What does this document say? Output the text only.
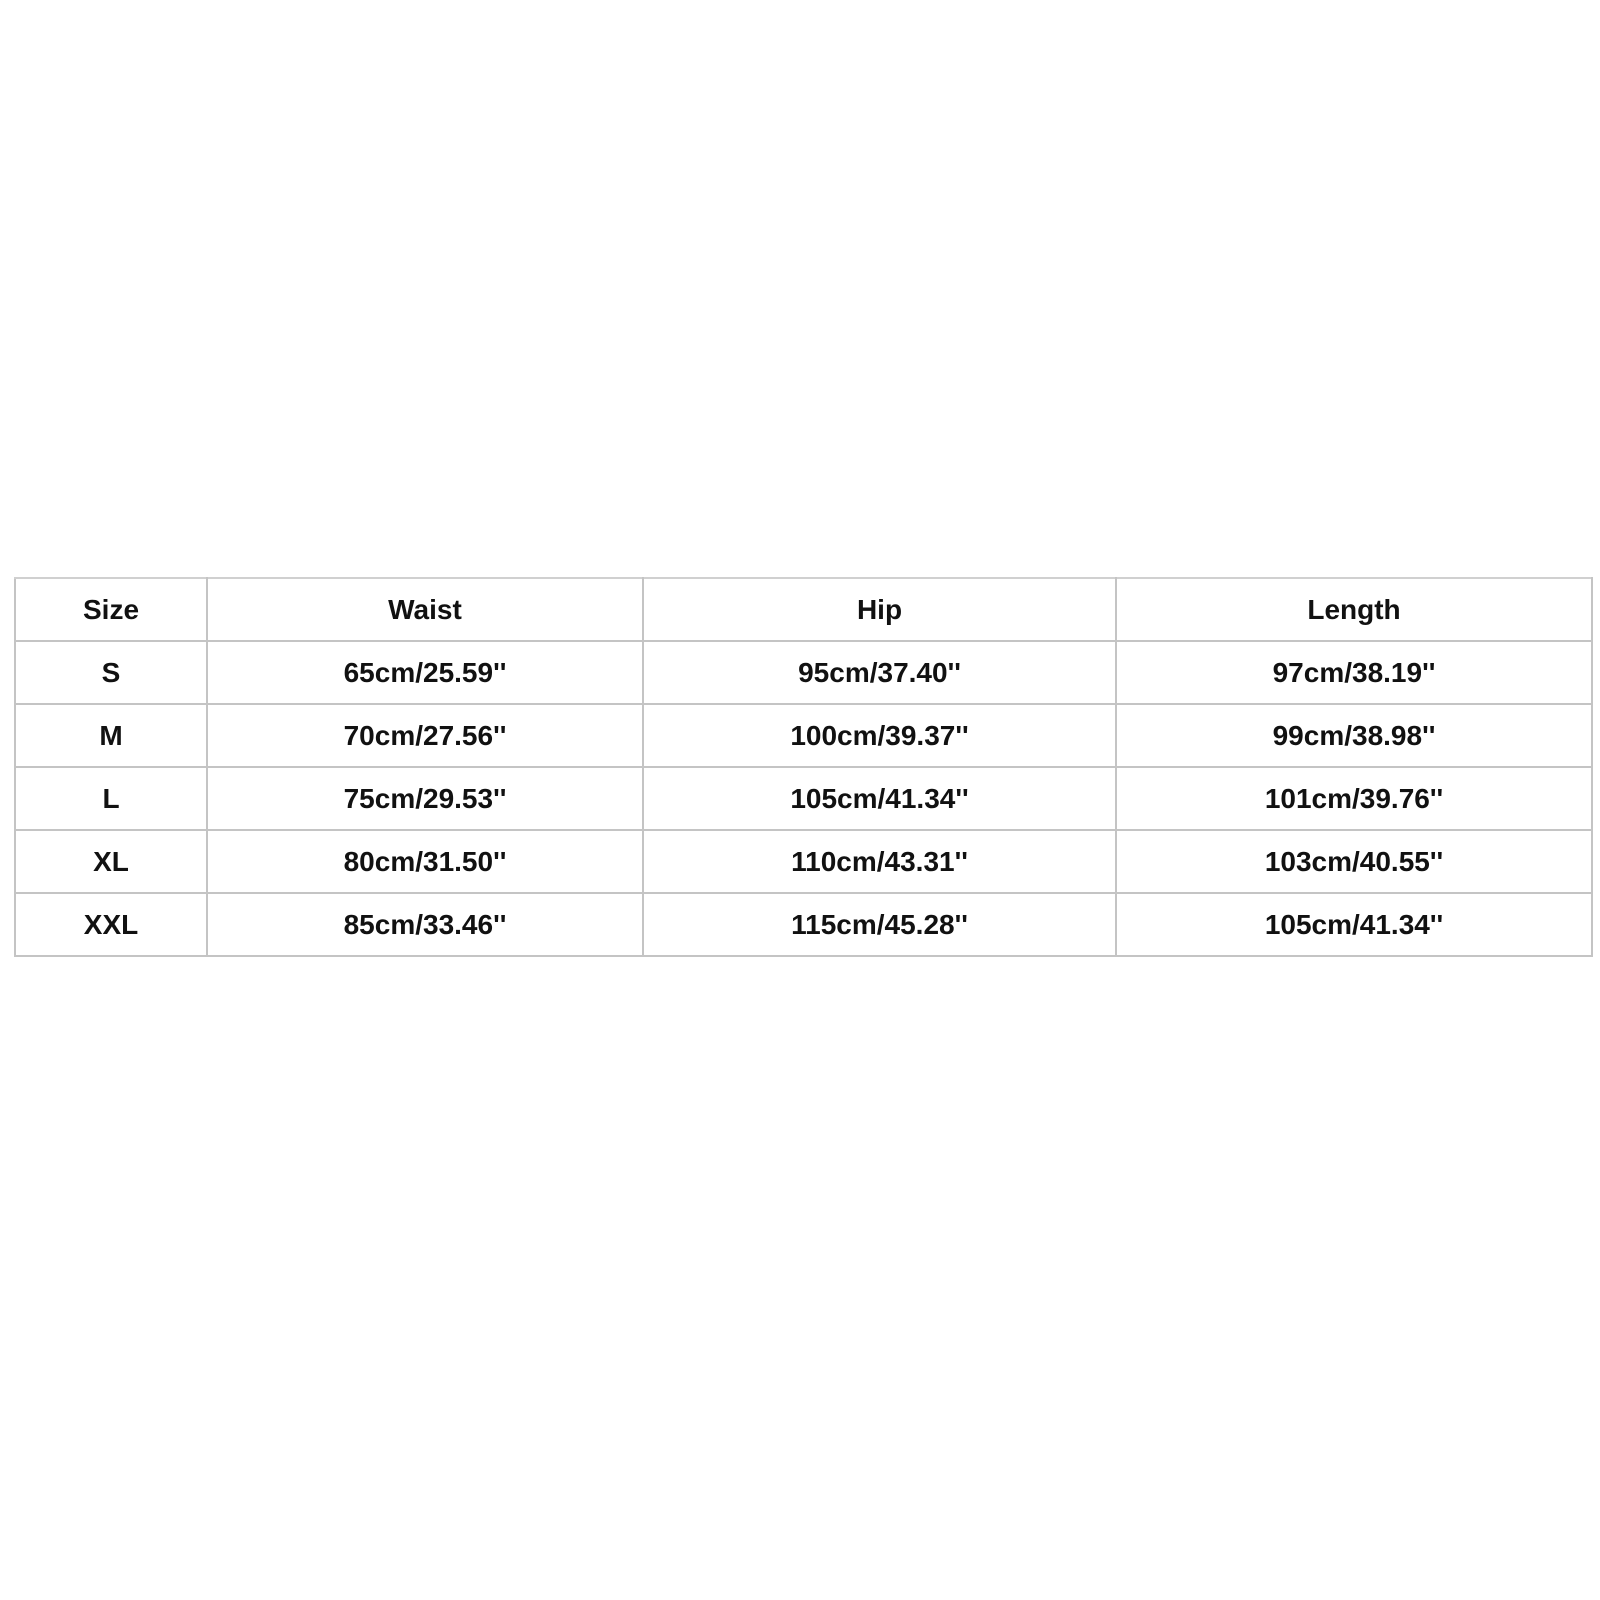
Size	Waist	Hip	Length
S	65cm/25.59''	95cm/37.40''	97cm/38.19''
M	70cm/27.56''	100cm/39.37''	99cm/38.98''
L	75cm/29.53''	105cm/41.34''	101cm/39.76''
XL	80cm/31.50''	110cm/43.31''	103cm/40.55''
XXL	85cm/33.46''	115cm/45.28''	105cm/41.34''
